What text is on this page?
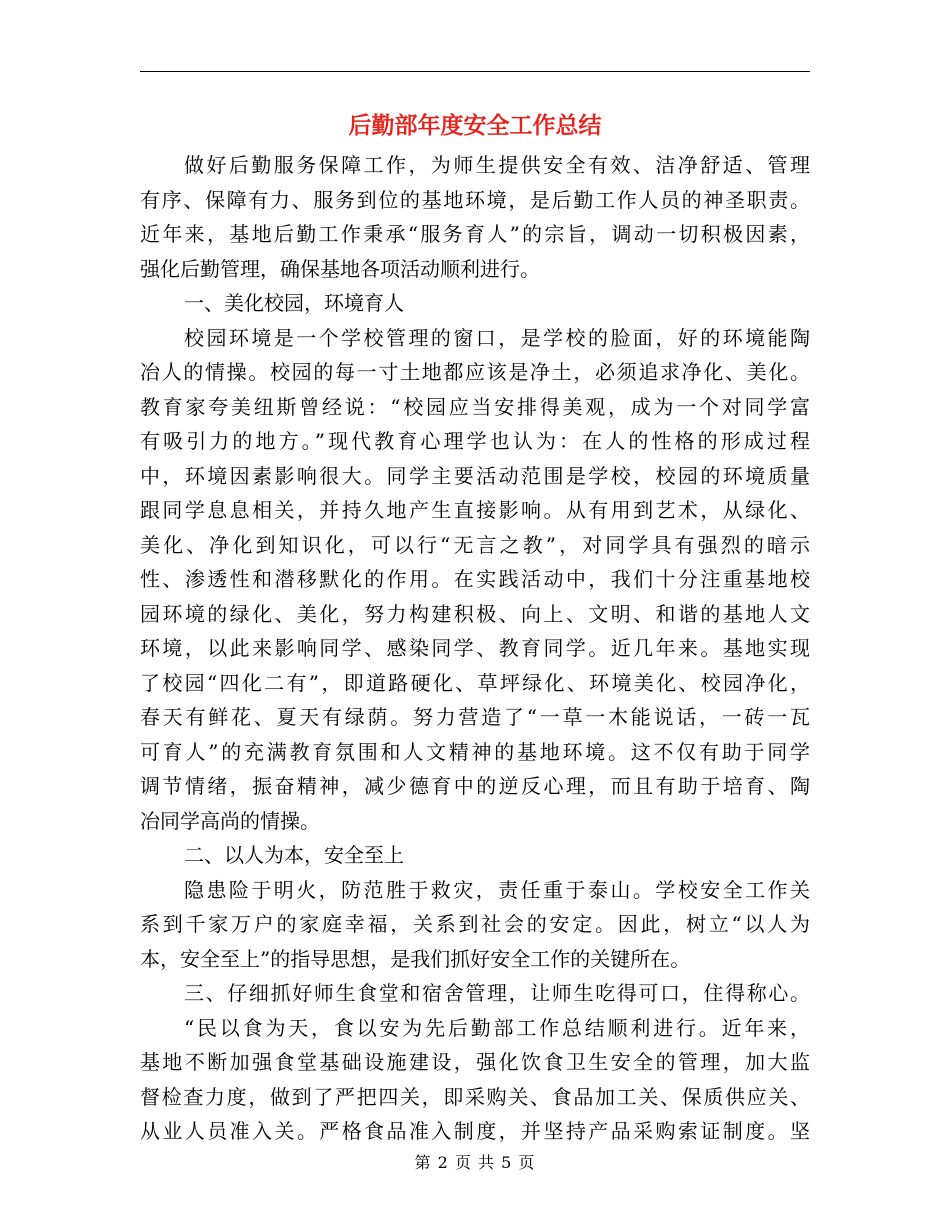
后勤部年度安全工作总结
做好后勤服务保障工作，为师生提供安全有效、洁净舒适、管理
有序、保障有力、服务到位的基地环境，是后勤工作人员的神圣职责。
近年来，基地后勤工作秉承“服务育人”的宗旨，调动一切积极因素，
强化后勤管理，确保基地各项活动顺利进行。
一、美化校园，环境育人
校园环境是一个学校管理的窗口，是学校的脸面，好的环境能陶
冶人的情操。校园的每一寸土地都应该是净土，必须追求净化、美化。
教育家夸美纽斯曾经说：“校园应当安排得美观，成为一个对同学富
有吸引力的地方。”现代教育心理学也认为：在人的性格的形成过程
中，环境因素影响很大。同学主要活动范围是学校，校园的环境质量
跟同学息息相关，并持久地产生直接影响。从有用到艺术，从绿化、
美化、净化到知识化，可以行“无言之教”，对同学具有强烈的暗示
性、渗透性和潜移默化的作用。在实践活动中，我们十分注重基地校
园环境的绿化、美化，努力构建积极、向上、文明、和谐的基地人文
环境，以此来影响同学、感染同学、教育同学。近几年来。基地实现
了校园“四化二有”，即道路硬化、草坪绿化、环境美化、校园净化，
春天有鲜花、夏天有绿荫。努力营造了“一草一木能说话，一砖一瓦
可育人”的充满教育氛围和人文精神的基地环境。这不仅有助于同学
调节情绪，振奋精神，减少德育中的逆反心理，而且有助于培育、陶
冶同学高尚的情操。
二、以人为本，安全至上
隐患险于明火，防范胜于救灾，责任重于泰山。学校安全工作关
系到千家万户的家庭幸福，关系到社会的安定。因此，树立“以人为
本，安全至上”的指导思想，是我们抓好安全工作的关键所在。
三、仔细抓好师生食堂和宿舍管理，让师生吃得可口，住得称心。
“民以食为天，食以安为先后勤部工作总结顺利进行。近年来，
基地不断加强食堂基础设施建设，强化饮食卫生安全的管理，加大监
督检查力度，做到了严把四关，即采购关、食品加工关、保质供应关、
从业人员准入关。严格食品准入制度，并坚持产品采购索证制度。坚
第 2 页 共 5 页
